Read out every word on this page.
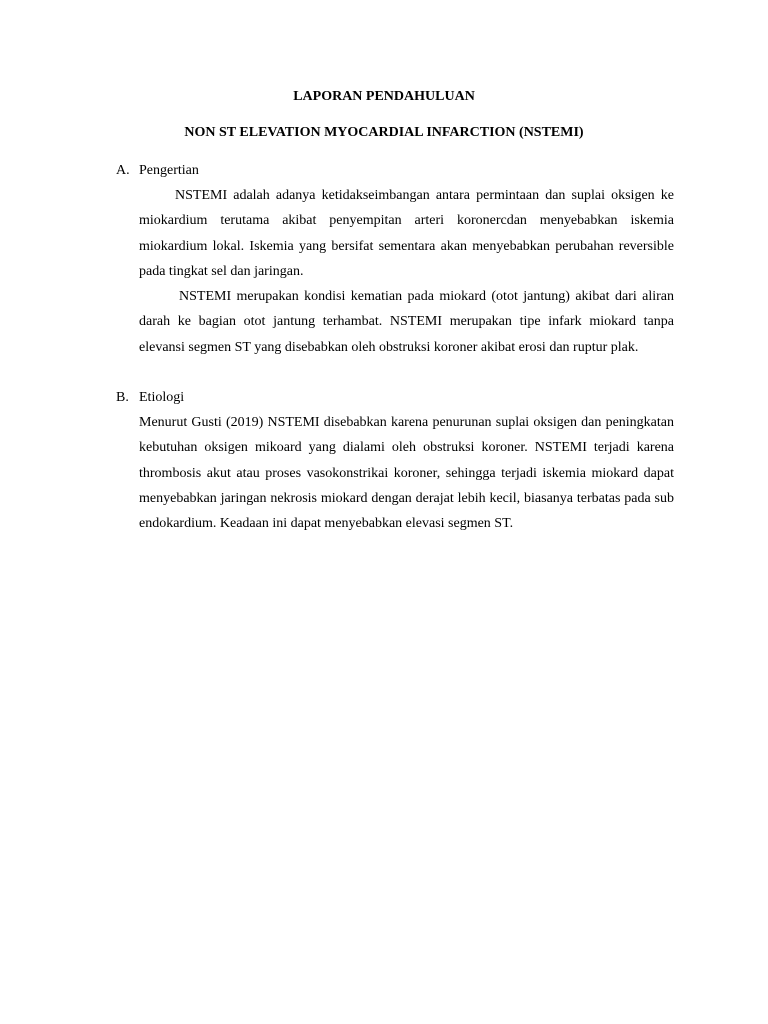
LAPORAN PENDAHULUAN
NON ST ELEVATION MYOCARDIAL INFARCTION (NSTEMI)
A. Pengertian

NSTEMI adalah adanya ketidakseimbangan antara permintaan dan suplai oksigen ke miokardium terutama akibat penyempitan arteri koronercdan menyebabkan iskemia miokardium lokal. Iskemia yang bersifat sementara akan menyebabkan perubahan reversible pada tingkat sel dan jaringan.

NSTEMI merupakan kondisi kematian pada miokard (otot jantung) akibat dari aliran darah ke bagian otot jantung terhambat. NSTEMI merupakan tipe infark miokard tanpa elevansi segmen ST yang disebabkan oleh obstruksi koroner akibat erosi dan ruptur plak.

B. Etiologi

Menurut Gusti (2019) NSTEMI disebabkan karena penurunan suplai oksigen dan peningkatan kebutuhan oksigen mikoard yang dialami oleh obstruksi koroner. NSTEMI terjadi karena thrombosis akut atau proses vasokonstrikai koroner, sehingga terjadi iskemia miokard dapat menyebabkan jaringan nekrosis miokard dengan derajat lebih kecil, biasanya terbatas pada sub endokardium. Keadaan ini dapat menyebabkan elevasi segmen ST.
